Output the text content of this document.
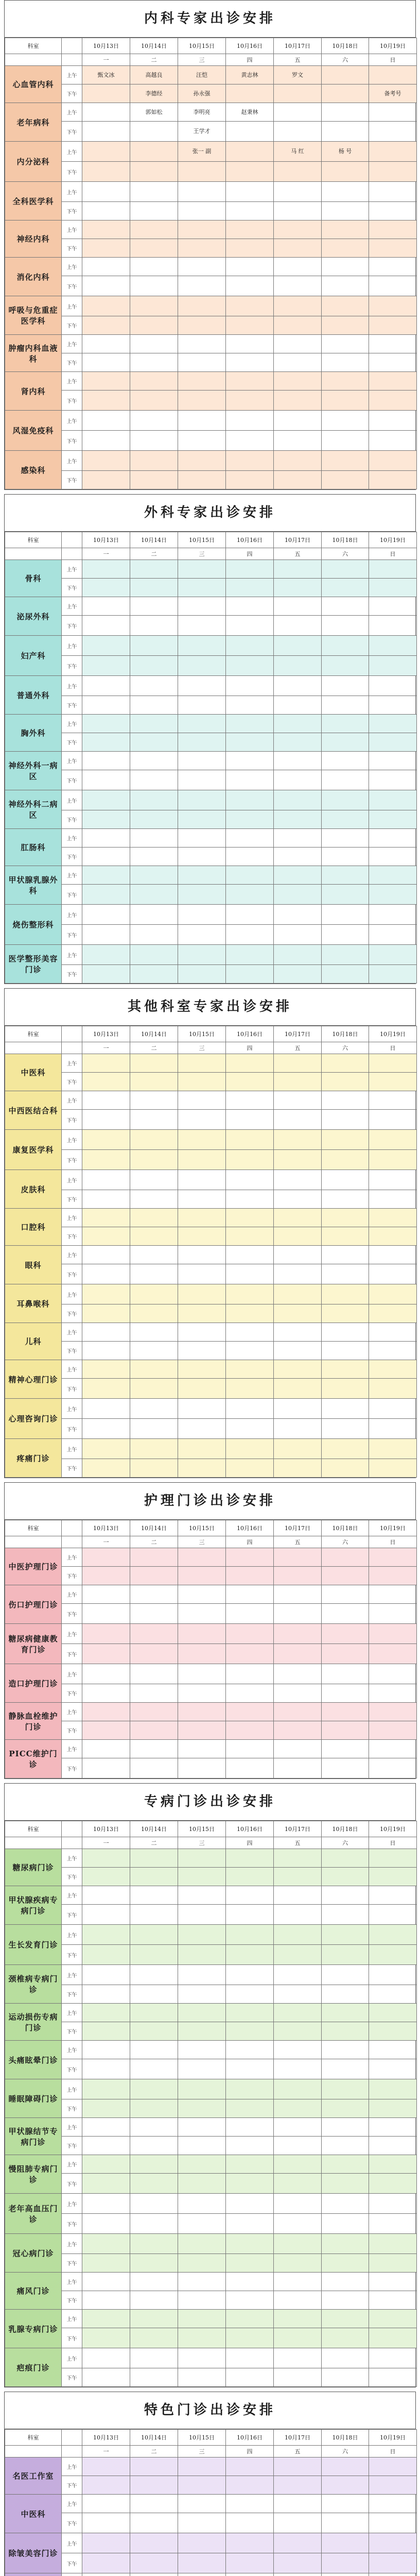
内科专家出诊安排
科室		10月13日	10月14日	10月15日	10月16日	10月17日	10月18日	10月19日
		一	二	三	四	五	六	日
心血管内科	上午	甄文冰	高越良	汪恺	黄志林	罗文		
	下午		李德经	孙永强				备考号
老年病科	上午		郭如松	李明亮	赵秉林			
	下午			王学才				
内分泌科	上午			张一 副		马 红	杨 号	
	下午							
全科医学科	上午							
	下午							
神经内科	上午							
	下午							
消化内科	上午							
	下午							
呼吸与危重症医学科	上午							
	下午							
肿瘤内科血液科	上午							
	下午							
肾内科	上午							
	下午							
风湿免疫科	上午							
	下午							
感染科	上午							
	下午							
外科专家出诊安排
科室		10月13日	10月14日	10月15日	10月16日	10月17日	10月18日	10月19日
		一	二	三	四	五	六	日
骨科	上午							
	下午							
泌尿外科	上午							
	下午							
妇产科	上午							
	下午							
普通外科	上午							
	下午							
胸外科	上午							
	下午							
神经外科一病区	上午							
	下午							
神经外科二病区	上午							
	下午							
肛肠科	上午							
	下午							
甲状腺乳腺外科	上午							
	下午							
烧伤整形科	上午							
	下午							
医学整形美容门诊	上午							
	下午							
其他科室专家出诊安排
科室		10月13日	10月14日	10月15日	10月16日	10月17日	10月18日	10月19日
		一	二	三	四	五	六	日
中医科	上午							
	下午							
中西医结合科	上午							
	下午							
康复医学科	上午							
	下午							
皮肤科	上午							
	下午							
口腔科	上午							
	下午							
眼科	上午							
	下午							
耳鼻喉科	上午							
	下午							
儿科	上午							
	下午							
精神心理门诊	上午							
	下午							
心理咨询门诊	上午							
	下午							
疼痛门诊	上午							
	下午							
护理门诊出诊安排
科室		10月13日	10月14日	10月15日	10月16日	10月17日	10月18日	10月19日
		一	二	三	四	五	六	日
中医护理门诊	上午							
	下午							
伤口护理门诊	上午							
	下午							
糖尿病健康教育门诊	上午							
	下午							
造口护理门诊	上午							
	下午							
静脉血栓维护门诊	上午							
	下午							
PICC维护门诊	上午							
	下午							
专病门诊出诊安排
科室		10月13日	10月14日	10月15日	10月16日	10月17日	10月18日	10月19日
		一	二	三	四	五	六	日
糖尿病门诊	上午							
	下午							
甲状腺疾病专病门诊	上午							
	下午							
生长发育门诊	上午							
	下午							
颈椎病专病门诊	上午							
	下午							
运动损伤专病门诊	上午							
	下午							
头痛眩晕门诊	上午							
	下午							
睡眠障碍门诊	上午							
	下午							
甲状腺结节专病门诊	上午							
	下午							
慢阻肺专病门诊	上午							
	下午							
老年高血压门诊	上午							
	下午							
冠心病门诊	上午							
	下午							
痛风门诊	上午							
	下午							
乳腺专病门诊	上午							
	下午							
疤痕门诊	上午							
	下午							
特色门诊出诊安排
科室		10月13日	10月14日	10月15日	10月16日	10月17日	10月18日	10月19日
		一	二	三	四	五	六	日
名医工作室	上午							
	下午							
中医科	上午							
	下午							
除皱美容门诊	上午							
	下午							
